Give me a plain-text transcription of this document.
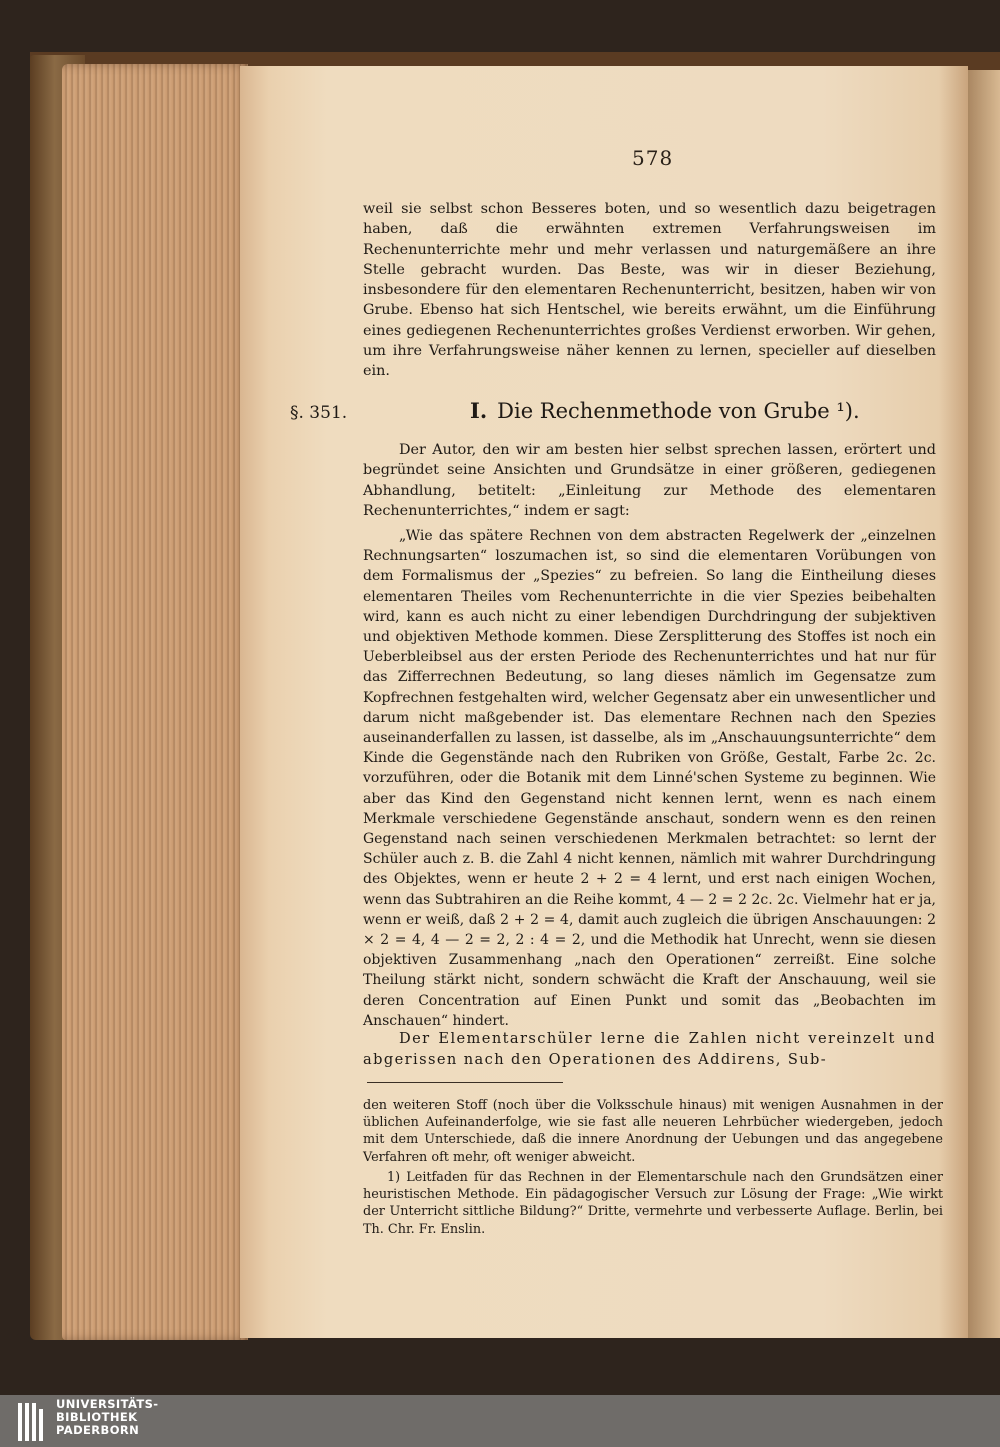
578

weil sie selbst schon Besseres boten, und so wesentlich dazu beigetragen haben, daß die erwähnten extremen Verfahrungsweisen im Rechenunterrichte mehr und mehr verlassen und naturgemäßere an ihre Stelle gebracht wurden. Das Beste, was wir in dieser Beziehung, insbesondere für den elementaren Rechenunterricht, besitzen, haben wir von Grube. Ebenso hat sich Hentschel, wie bereits erwähnt, um die Einführung eines gediegenen Rechenunterrichtes großes Verdienst erworben. Wir gehen, um ihre Verfahrungsweise näher kennen zu lernen, specieller auf dieselben ein.

§. 351.	I. Die Rechenmethode von Grube ¹).

Der Autor, den wir am besten hier selbst sprechen lassen, erörtert und begründet seine Ansichten und Grundsätze in einer größeren, gediegenen Abhandlung, betitelt: „Einleitung zur Methode des elementaren Rechenunterrichtes,“ indem er sagt:

„Wie das spätere Rechnen von dem abstracten Regelwerk der „einzelnen Rechnungsarten“ loszumachen ist, so sind die elementaren Vorübungen von dem Formalismus der „Spezies“ zu befreien. So lang die Eintheilung dieses elementaren Theiles vom Rechenunterrichte in die vier Spezies beibehalten wird, kann es auch nicht zu einer lebendigen Durchdringung der subjektiven und objektiven Methode kommen. Diese Zersplitterung des Stoffes ist noch ein Ueberbleibsel aus der ersten Periode des Rechenunterrichtes und hat nur für das Zifferrechnen Bedeutung, so lang dieses nämlich im Gegensatze zum Kopfrechnen festgehalten wird, welcher Gegensatz aber ein unwesentlicher und darum nicht maßgebender ist. Das elementare Rechnen nach den Spezies auseinanderfallen zu lassen, ist dasselbe, als im „Anschauungsunterrichte“ dem Kinde die Gegenstände nach den Rubriken von Größe, Gestalt, Farbe 2c. 2c. vorzuführen, oder die Botanik mit dem Linné'schen Systeme zu beginnen. Wie aber das Kind den Gegenstand nicht kennen lernt, wenn es nach einem Merkmale verschiedene Gegenstände anschaut, sondern wenn es den reinen Gegenstand nach seinen verschiedenen Merkmalen betrachtet: so lernt der Schüler auch z. B. die Zahl 4 nicht kennen, nämlich mit wahrer Durchdringung des Objektes, wenn er heute 2 + 2 = 4 lernt, und erst nach einigen Wochen, wenn das Subtrahiren an die Reihe kommt, 4 — 2 = 2 2c. 2c. Vielmehr hat er ja, wenn er weiß, daß 2 + 2 = 4, damit auch zugleich die übrigen Anschauungen: 2 × 2 = 4, 4 — 2 = 2, 2 : 4 = 2, und die Methodik hat Unrecht, wenn sie diesen objektiven Zusammenhang „nach den Operationen“ zerreißt. Eine solche Theilung stärkt nicht, sondern schwächt die Kraft der Anschauung, weil sie deren Concentration auf Einen Punkt und somit das „Beobachten im Anschauen“ hindert.

Der Elementarschüler lerne die Zahlen nicht vereinzelt und abgerissen nach den Operationen des Addirens, Sub-

den weiteren Stoff (noch über die Volksschule hinaus) mit wenigen Ausnahmen in der üblichen Aufeinanderfolge, wie sie fast alle neueren Lehrbücher wiedergeben, jedoch mit dem Unterschiede, daß die innere Anordnung der Uebungen und das angegebene Verfahren oft mehr, oft weniger abweicht.

1) Leitfaden für das Rechnen in der Elementarschule nach den Grundsätzen einer heuristischen Methode. Ein pädagogischer Versuch zur Lösung der Frage: „Wie wirkt der Unterricht sittliche Bildung?“ Dritte, vermehrte und verbesserte Auflage. Berlin, bei Th. Chr. Fr. Enslin.

UNIVERSITÄTS-
BIBLIOTHEK
PADERBORN
